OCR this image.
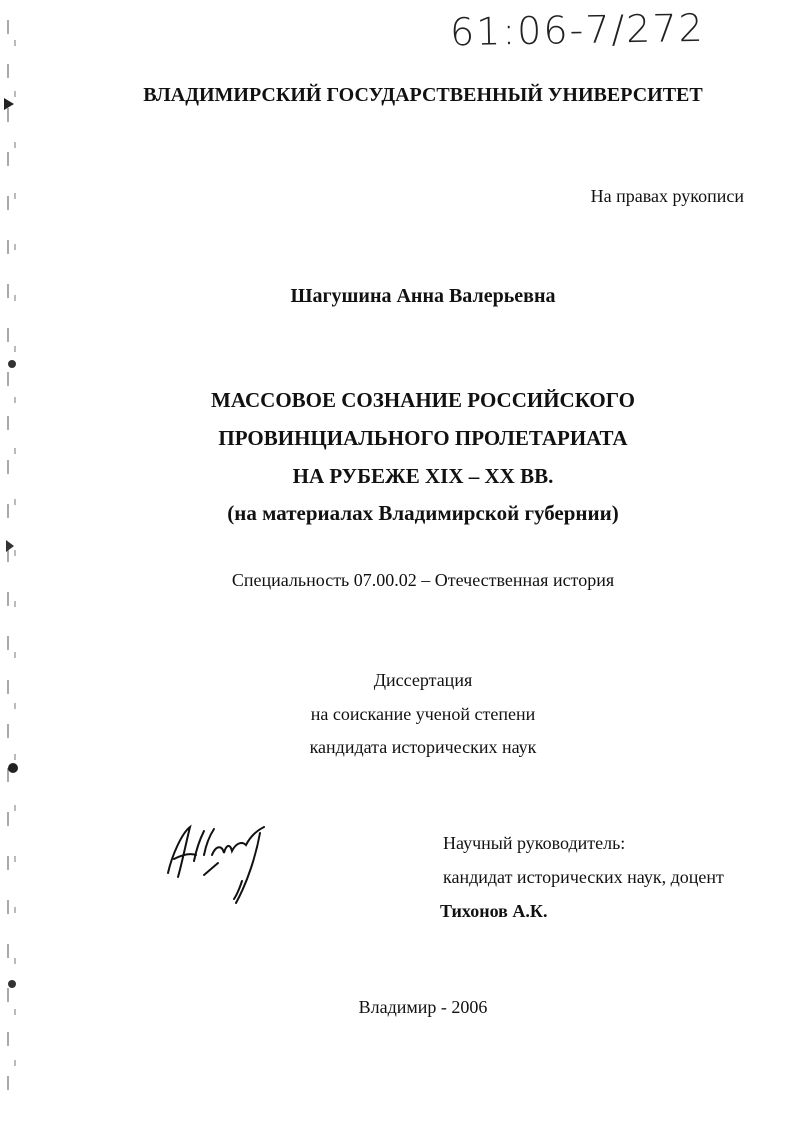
61:06-7/272
ВЛАДИМИРСКИЙ ГОСУДАРСТВЕННЫЙ УНИВЕРСИТЕТ
На правах рукописи
Шагушина Анна Валерьевна
МАССОВОЕ СОЗНАНИЕ РОССИЙСКОГО
ПРОВИНЦИАЛЬНОГО ПРОЛЕТАРИАТА
НА РУБЕЖЕ XIX – XX ВВ.
(на материалах Владимирской губернии)
Специальность 07.00.02 – Отечественная история
Диссертация
на соискание ученой степени
кандидата исторических наук
Научный руководитель:
кандидат исторических наук, доцент
Тихонов А.К.
Владимир - 2006
